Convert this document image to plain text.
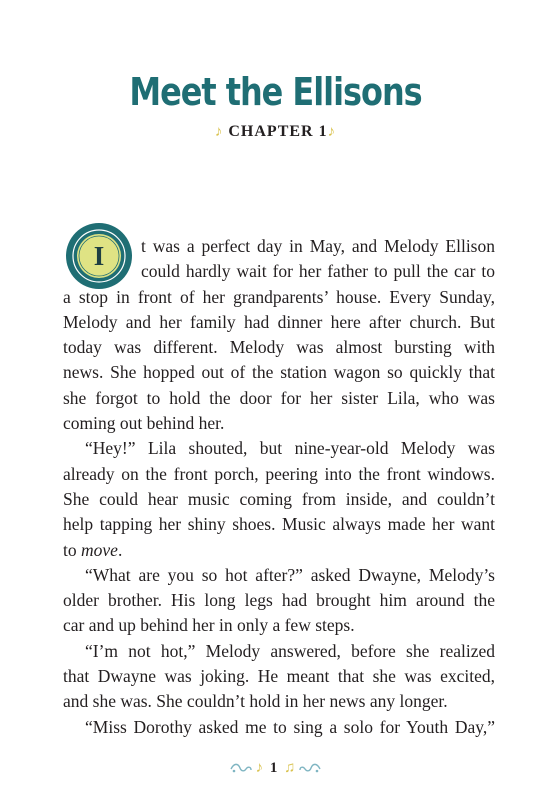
Meet the Ellisons
♪ CHAPTER 1♪
I	t was a perfect day in May, and Melody Ellison
could hardly wait for her father to pull the car to
a stop in front of her grandparents’ house. Every Sunday,
Melody and her family had dinner here after church. But
today was different. Melody was almost bursting with
news. She hopped out of the station wagon so quickly that
she forgot to hold the door for her sister Lila, who was
coming out behind her.
“Hey!” Lila shouted, but nine-year-old Melody was
already on the front porch, peering into the front windows.
She could hear music coming from inside, and couldn’t
help tapping her shiny shoes. Music always made her want
to move.
“What are you so hot after?” asked Dwayne, Melody’s
older brother. His long legs had brought him around the
car and up behind her in only a few steps.
“I’m not hot,” Melody answered, before she realized
that Dwayne was joking. He meant that she was excited,
and she was. She couldn’t hold in her news any longer.
“Miss Dorothy asked me to sing a solo for Youth Day,”
♪ 1 ♫
